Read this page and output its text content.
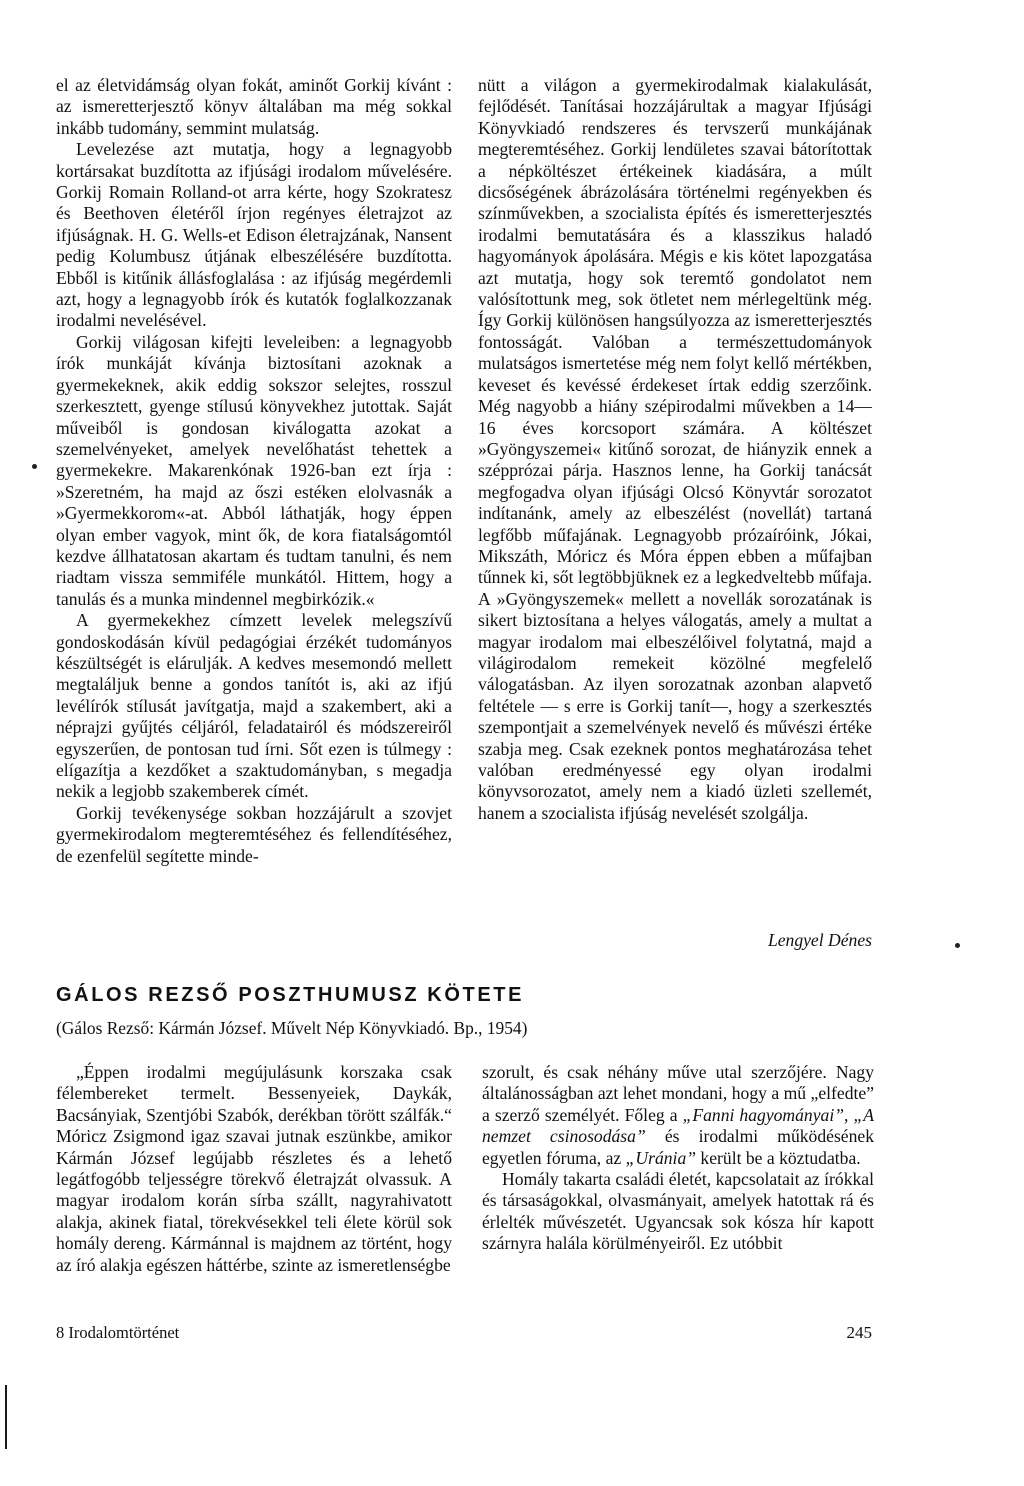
el az életvidámság olyan fokát, aminőt Gorkij kívánt : az ismeretterjesztő könyv általában ma még sokkal inkább tudomány, semmint mulatság.

Levelezése azt mutatja, hogy a legnagyobb kortársakat buzdította az ifjúsági irodalom művelésére. Gorkij Romain Rolland-ot arra kérte, hogy Szokratesz és Beethoven életéről írjon regényes életrajzot az ifjúságnak. H. G. Wells-et Edison életrajzának, Nansent pedig Kolumbusz útjának elbeszélésére buzdította. Ebből is kitűnik állásfoglalása : az ifjúság megérdemli azt, hogy a legnagyobb írók és kutatók foglalkozzanak irodalmi nevelésével.

Gorkij világosan kifejti leveleiben: a legnagyobb írók munkáját kívánja biztosítani azoknak a gyermekeknek, akik eddig sokszor selejtes, rosszul szerkesztett, gyenge stílusú könyvekhez jutottak. Saját műveiből is gondosan kiválogatta azokat a szemelvényeket, amelyek nevelőhatást tehettek a gyermekekre. Makarenkónak 1926-ban ezt írja : »Szeretném, ha majd az őszi estéken elolvasnák a »Gyermekkorom«-at. Abból láthatják, hogy éppen olyan ember vagyok, mint ők, de kora fiatalságomtól kezdve állhatatosan akartam és tudtam tanulni, és nem riadtam vissza semmiféle munkától. Hittem, hogy a tanulás és a munka mindennel megbirkózik.«

A gyermekekhez címzett levelek melegszívű gondoskodásán kívül pedagógiai érzékét tudományos készültségét is elárulják. A kedves mesemondó mellett megtaláljuk benne a gondos tanítót is, aki az ifjú levélírók stílusát javítgatja, majd a szakembert, aki a néprajzi gyűjtés céljáról, feladatairól és módszereiről egyszerűen, de pontosan tud írni. Sőt ezen is túlmegy : elígazítja a kezdőket a szaktudományban, s megadja nekik a legjobb szakemberek címét.

Gorkij tevékenysége sokban hozzájárult a szovjet gyermekirodalom megteremtéséhez és fellendítéséhez, de ezenfelül segítette minde-

nütt a világon a gyermekirodalmak kialakulását, fejlődését. Tanításai hozzájárultak a magyar Ifjúsági Könyvkiadó rendszeres és tervszerű munkájának megteremtéséhez. Gorkij lendületes szavai bátorítottak a népköltészet értékeinek kiadására, a múlt dicsőségének ábrázolására történelmi regényekben és színművekben, a szocialista építés és ismeretterjesztés irodalmi bemutatására és a klasszikus haladó hagyományok ápolására. Mégis e kis kötet lapozgatása azt mutatja, hogy sok teremtő gondolatot nem valósítottunk meg, sok ötletet nem mérlegeltünk még. Így Gorkij különösen hangsúlyozza az ismeretterjesztés fontosságát. Valóban a természettudományok mulatságos ismertetése még nem folyt kellő mértékben, keveset és kevéssé érdekeset írtak eddig szerzőink. Még nagyobb a hiány szépirodalmi művekben a 14—16 éves korcsoport számára. A költészet »Gyöngyszemei« kitűnő sorozat, de hiányzik ennek a szépprózai párja. Hasznos lenne, ha Gorkij tanácsát megfogadva olyan ifjúsági Olcsó Könyvtár sorozatot indítanánk, amely az elbeszélést (novellát) tartaná legfőbb műfajának. Legnagyobb prózaíróink, Jókai, Mikszáth, Móricz és Móra éppen ebben a műfajban tűnnek ki, sőt legtöbbjüknek ez a legkedveltebb műfaja. A »Gyöngyszemek« mellett a novellák sorozatának is sikert biztosítana a helyes válogatás, amely a multat a magyar irodalom mai elbeszélőivel folytatná, majd a világirodalom remekeit közölné megfelelő válogatásban. Az ilyen sorozatnak azonban alapvető feltétele — s erre is Gorkij tanít—, hogy a szerkesztés szempontjait a szemelvények nevelő és művészi értéke szabja meg. Csak ezeknek pontos meghatározása tehet valóban eredményessé egy olyan irodalmi könyvsorozatot, amely nem a kiadó üzleti szellemét, hanem a szocialista ifjúság nevelését szolgálja.

Lengyel Dénes
GÁLOS REZSŐ POSZTHUMUSZ KÖTETE
(Gálos Rezső: Kármán József. Művelt Nép Könyvkiadó. Bp., 1954)

„Éppen irodalmi megújulásunk korszaka csak félembereket termelt. Bessenyeiek, Daykák, Bacsányiak, Szentjóbi Szabók, derékban törött szálfák.“ Móricz Zsigmond igaz szavai jutnak eszünkbe, amikor Kármán József legújabb részletes és a lehető legátfogóbb teljességre törekvő életrajzát olvassuk. A magyar irodalom korán sírba szállt, nagyrahivatott alakja, akinek fiatal, törekvésekkel teli élete körül sok homály dereng. Kármánnal is majdnem az történt, hogy az író alakja egészen háttérbe, szinte az ismeretlenségbe

szorult, és csak néhány műve utal szerzőjére. Nagy általánosságban azt lehet mondani, hogy a mű „elfedte” a szerző személyét. Főleg a „Fanni hagyományai”, „A nemzet csinosodása” és irodalmi működésének egyetlen fóruma, az „Uránia” került be a köztudatba.

Homály takarta családi életét, kapcsolatait az írókkal és társaságokkal, olvasmányait, amelyek hatottak rá és érlelték művészetét. Ugyancsak sok kósza hír kapott szárnyra halála körülményeiről. Ez utóbbit

8 Irodalomtörténet	245
